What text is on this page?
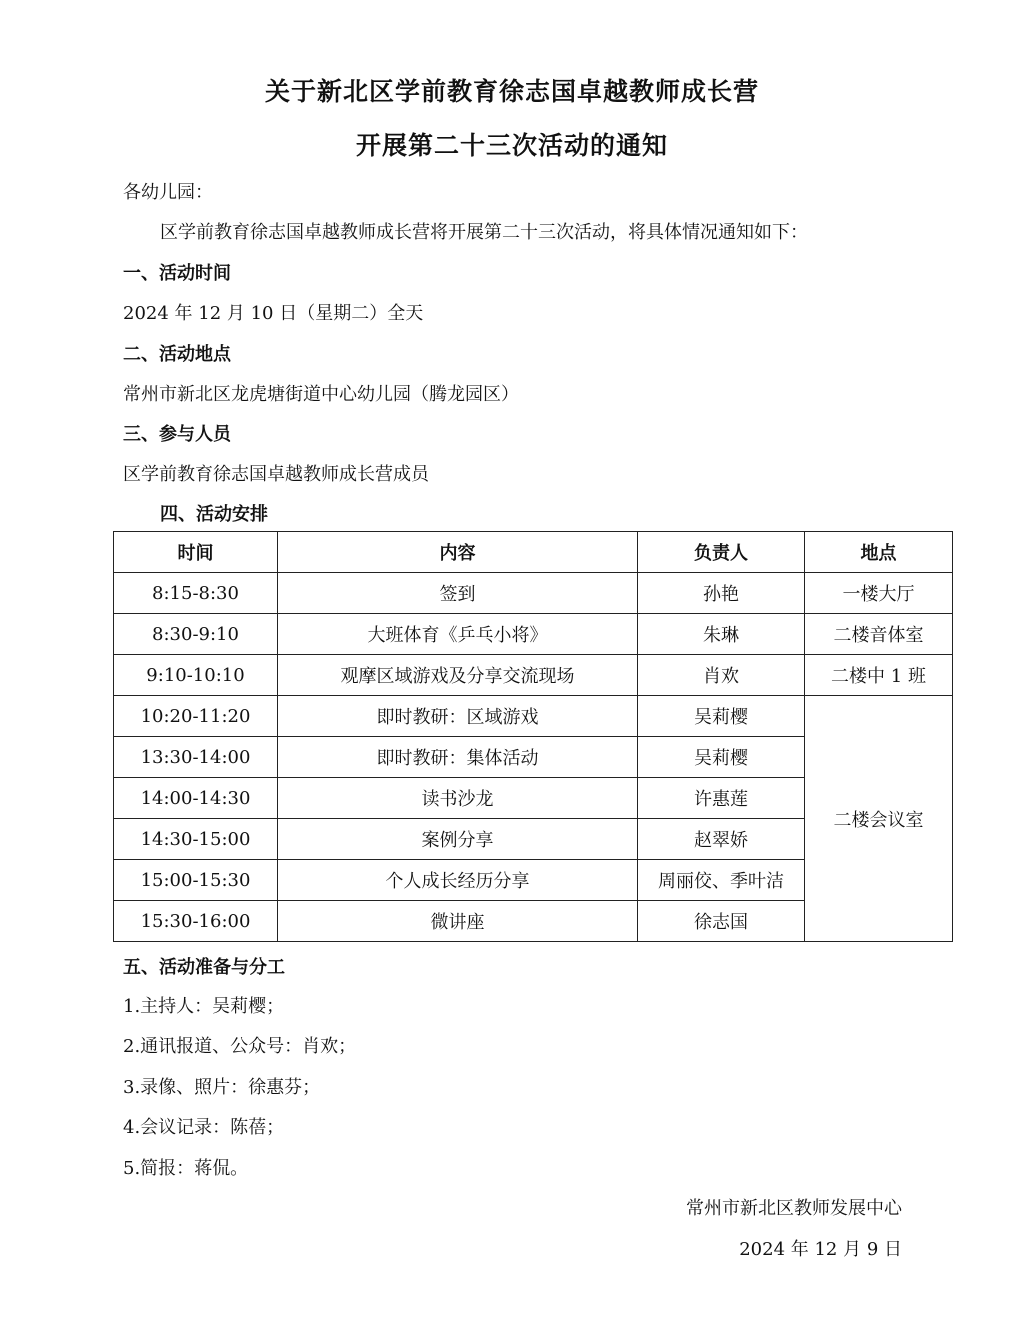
关于新北区学前教育徐志国卓越教师成长营
开展第二十三次活动的通知
各幼儿园：
区学前教育徐志国卓越教师成长营将开展第二十三次活动，将具体情况通知如下：
一、活动时间
2024 年 12 月 10 日（星期二）全天
二、活动地点
常州市新北区龙虎塘街道中心幼儿园（腾龙园区）
三、参与人员
区学前教育徐志国卓越教师成长营成员
四、活动安排
时间	内容	负责人	地点
8:15-8:30	签到	孙艳	一楼大厅
8:30-9:10	大班体育《乒乓小将》	朱琳	二楼音体室
9:10-10:10	观摩区域游戏及分享交流现场	肖欢	二楼中 1 班
10:20-11:20	即时教研：区域游戏	吴莉樱	二楼会议室
13:30-14:00	即时教研：集体活动	吴莉樱	
14:00-14:30	读书沙龙	许惠莲	
14:30-15:00	案例分享	赵翠娇	
15:00-15:30	个人成长经历分享	周丽佼、季叶洁	
15:30-16:00	微讲座	徐志国	
五、活动准备与分工
1.主持人：吴莉樱；
2.通讯报道、公众号：肖欢；
3.录像、照片：徐惠芬；
4.会议记录：陈蓓；
5.简报：蒋侃。
常州市新北区教师发展中心
2024 年 12 月 9 日
